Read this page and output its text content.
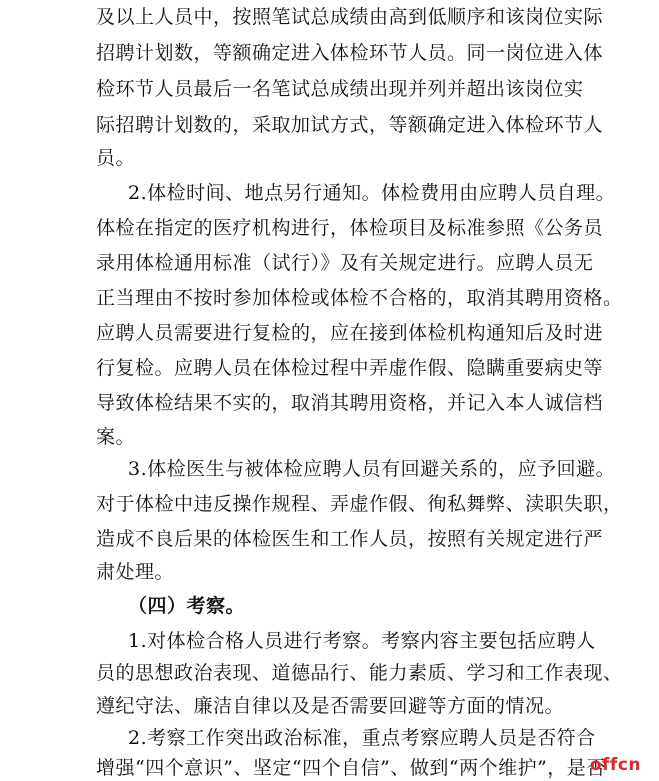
及以上人员中，按照笔试总成绩由高到低顺序和该岗位实际
招聘计划数，等额确定进入体检环节人员。同一岗位进入体
检环节人员最后一名笔试总成绩出现并列并超出该岗位实
际招聘计划数的，采取加试方式，等额确定进入体检环节人
员。
2.体检时间、地点另行通知。体检费用由应聘人员自理。
体检在指定的医疗机构进行，体检项目及标准参照《公务员
录用体检通用标准（试行）》及有关规定进行。应聘人员无
正当理由不按时参加体检或体检不合格的，取消其聘用资格。
应聘人员需要进行复检的，应在接到体检机构通知后及时进
行复检。应聘人员在体检过程中弄虚作假、隐瞒重要病史等
导致体检结果不实的，取消其聘用资格，并记入本人诚信档
案。
3.体检医生与被体检应聘人员有回避关系的，应予回避。
对于体检中违反操作规程、弄虚作假、徇私舞弊、渎职失职，
造成不良后果的体检医生和工作人员，按照有关规定进行严
肃处理。
（四）考察。
1.对体检合格人员进行考察。考察内容主要包括应聘人
员的思想政治表现、道德品行、能力素质、学习和工作表现、
遵纪守法、廉洁自律以及是否需要回避等方面的情况。
2.考察工作突出政治标准，重点考察应聘人员是否符合
增强“四个意识”、坚定“四个自信”、做到“两个维护”，是否
offcn
